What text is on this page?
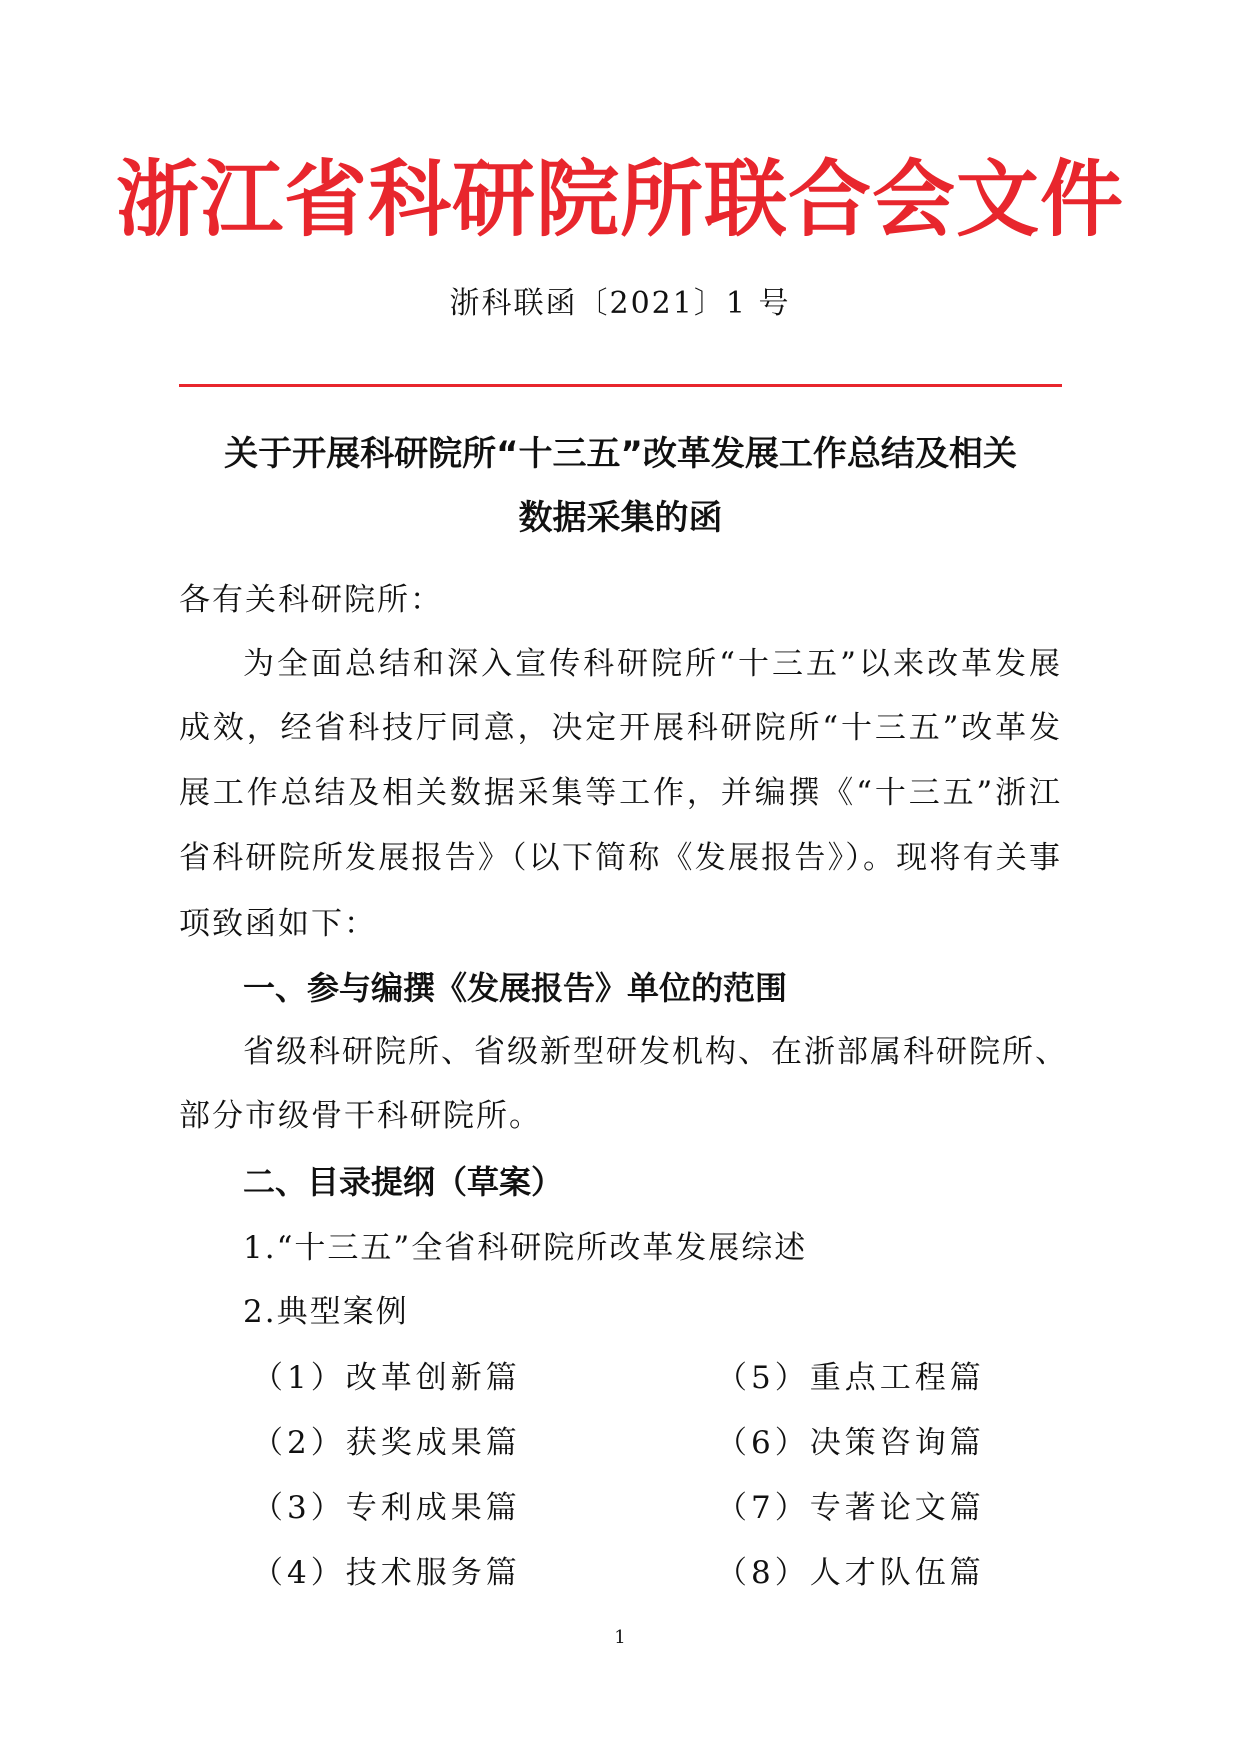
浙江省科研院所联合会文件
浙科联函〔2021〕1 号
关于开展科研院所“十三五”改革发展工作总结及相关
数据采集的函
各有关科研院所：
为全面总结和深入宣传科研院所“十三五”以来改革发展
成效，经省科技厅同意，决定开展科研院所“十三五”改革发
展工作总结及相关数据采集等工作，并编撰《“十三五”浙江
省科研院所发展报告》（以下简称《发展报告》）。现将有关事
项致函如下：
一、参与编撰《发展报告》单位的范围
省级科研院所、省级新型研发机构、在浙部属科研院所、
部分市级骨干科研院所。
二、目录提纲（草案）
1.“十三五”全省科研院所改革发展综述
2.典型案例
（1）改革创新篇
（2）获奖成果篇
（3）专利成果篇
（4）技术服务篇
（5）重点工程篇
（6）决策咨询篇
（7）专著论文篇
（8）人才队伍篇
1
